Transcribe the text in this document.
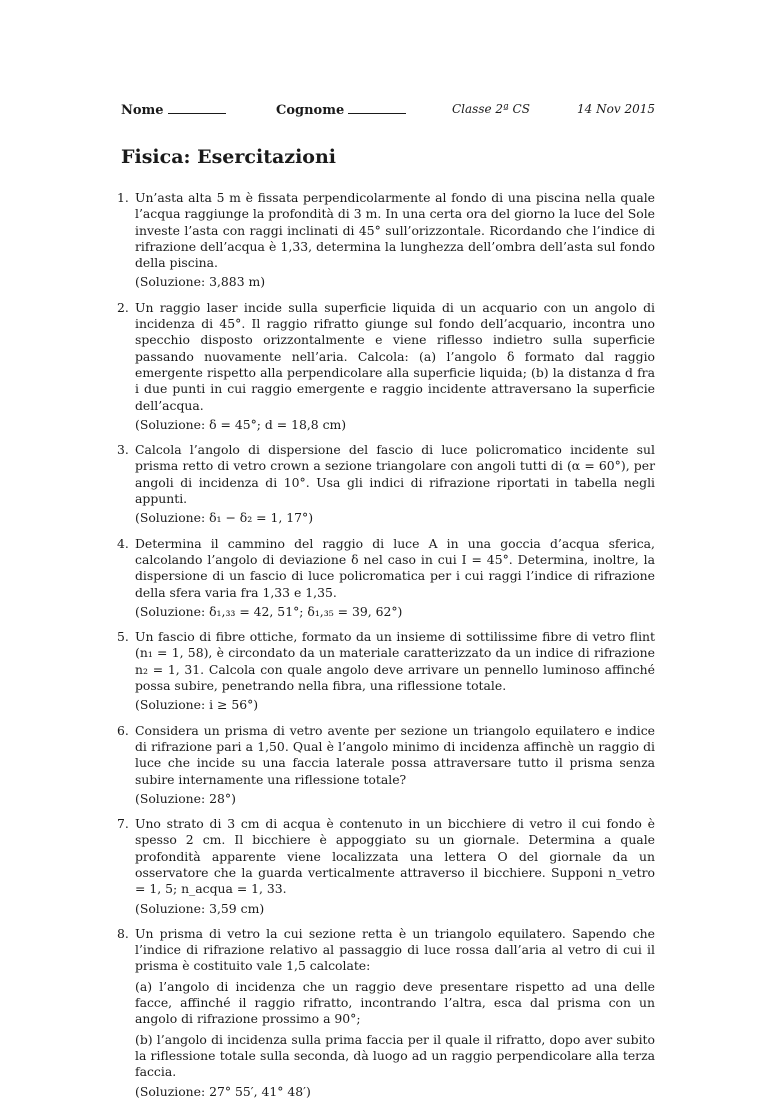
Nome	Cognome	Classe 2ª CS	14 Nov 2015
Fisica: Esercitazioni
1. Un’asta alta 5 m è fissata perpendicolarmente al fondo di una piscina nella quale l’acqua raggiunge la profondità di 3 m. In una certa ora del giorno la luce del Sole investe l’asta con raggi inclinati di 45° sull’orizzontale. Ricordando che l’indice di rifrazione dell’acqua è 1,33, determina la lunghezza dell’ombra dell’asta sul fondo della piscina.
(Soluzione: 3,883 m)
2. Un raggio laser incide sulla superficie liquida di un acquario con un angolo di incidenza di 45°. Il raggio rifratto giunge sul fondo dell’acquario, incontra uno specchio disposto orizzontalmente e viene riflesso indietro sulla superficie passando nuovamente nell’aria. Calcola: (a) l’angolo δ formato dal raggio emergente rispetto alla perpendicolare alla superficie liquida; (b) la distanza d fra i due punti in cui raggio emergente e raggio incidente attraversano la superficie dell’acqua.
(Soluzione: δ = 45°; d = 18,8 cm)
3. Calcola l’angolo di dispersione del fascio di luce policromatico incidente sul prisma retto di vetro crown a sezione triangolare con angoli tutti di (α = 60°), per angoli di incidenza di 10°. Usa gli indici di rifrazione riportati in tabella negli appunti.
(Soluzione: δ₁ − δ₂ = 1, 17°)
4. Determina il cammino del raggio di luce A in una goccia d’acqua sferica, calcolando l’angolo di deviazione δ nel caso in cui I = 45°. Determina, inoltre, la dispersione di un fascio di luce policromatica per i cui raggi l’indice di rifrazione della sfera varia fra 1,33 e 1,35.
(Soluzione: δ₁,₃₃ = 42, 51°; δ₁,₃₅ = 39, 62°)
5. Un fascio di fibre ottiche, formato da un insieme di sottilissime fibre di vetro flint (n₁ = 1, 58), è circondato da un materiale caratterizzato da un indice di rifrazione n₂ = 1, 31. Calcola con quale angolo deve arrivare un pennello luminoso affinché possa subire, penetrando nella fibra, una riflessione totale.
(Soluzione: i ≥ 56°)
6. Considera un prisma di vetro avente per sezione un triangolo equilatero e indice di rifrazione pari a 1,50. Qual è l’angolo minimo di incidenza affinchè un raggio di luce che incide su una faccia laterale possa attraversare tutto il prisma senza subire internamente una riflessione totale?
(Soluzione: 28°)
7. Uno strato di 3 cm di acqua è contenuto in un bicchiere di vetro il cui fondo è spesso 2 cm. Il bicchiere è appoggiato su un giornale. Determina a quale profondità apparente viene localizzata una lettera O del giornale da un osservatore che la guarda verticalmente attraverso il bicchiere. Supponi n_vetro = 1, 5; n_acqua = 1, 33.
(Soluzione: 3,59 cm)
8. Un prisma di vetro la cui sezione retta è un triangolo equilatero. Sapendo che l’indice di rifrazione relativo al passaggio di luce rossa dall’aria al vetro di cui il prisma è costituito vale 1,5 calcolate:
(a) l’angolo di incidenza che un raggio deve presentare rispetto ad una delle facce, affinché il raggio rifratto, incontrando l’altra, esca dal prisma con un angolo di rifrazione prossimo a 90°;
(b) l’angolo di incidenza sulla prima faccia per il quale il rifratto, dopo aver subito la riflessione totale sulla seconda, dà luogo ad un raggio perpendicolare alla terza faccia.
(Soluzione: 27° 55′, 41° 48′)
